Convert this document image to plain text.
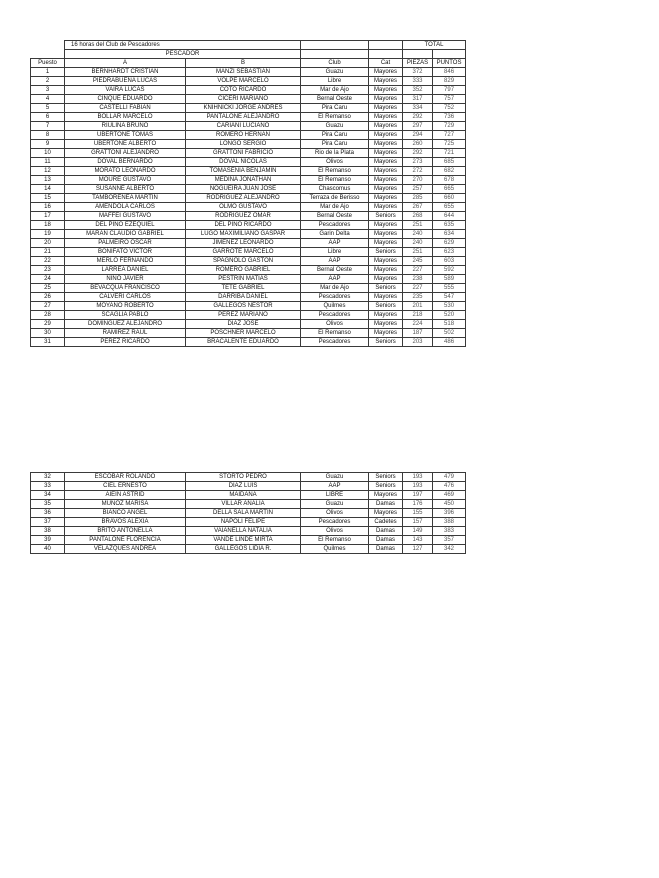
	16 horas del Club de Pescadores				TOTAL	
	PESCADOR					
Puesto	A	B	Club	Cat	PIEZAS	PUNTOS
1	BERNHARDT CRISTIAN	MANZI SEBASTIAN	Guazu	Mayores	372	846
2	PIEDRABUENA LUCAS	VOLPE MARCELO	Libre	Mayores	333	829
3	VAIRA LUCAS	COTO RICARDO	Mar de Ajo	Mayores	352	797
4	CINQUE EDUARDO	CICERI MARIANO	Bernal Oeste	Mayores	317	757
5	CASTELLI FABIAN	KNIHNICKI JORGE ANDRES	Pira Caru	Mayores	334	752
6	BOLLAR MARCELO	PANTALONE ALEJANDRO	El Remanso	Mayores	292	736
7	RIULINA BRUNO	CARIANI LUCIANO	Guazu	Mayores	297	729
8	UBERTONE TOMAS	ROMERO HERNAN	Pira Caru	Mayores	294	727
9	UBERTONE ALBERTO	LONGO SERGIO	Pira Caru	Mayores	260	725
10	GRATTONI ALEJANDRO	GRATTONI FABRICIO	Rio de la Plata	Mayores	292	721
11	DOVAL BERNARDO	DOVAL NICOLAS	Olivos	Mayores	273	685
12	MORATO LEONARDO	TOMASENIA BENJAMIN	El Remanso	Mayores	272	682
13	MOURE GUSTAVO	MEDINA JONATHAN	El Remanso	Mayores	270	678
14	SUSANNE ALBERTO	NOGUEIRA JUAN JOSE	Chascomus	Mayores	257	665
15	TAMBORENEA MARTIN	RODRIGUEZ ALEJANDRO	Terraza de Berisso	Mayores	285	660
16	AMENDOLA CARLOS	OLMO GUSTAVO	Mar de Ajo	Mayores	267	655
17	MAFFEI GUSTAVO	RODRIGUEZ OMAR	Bernal Oeste	Seniors	268	644
18	DEL PINO EZEQUIEL	DEL PINO RICARDO	Pescadores	Mayores	251	635
19	MARAN CLAUDIO GABRIEL	LUGO MAXIMILIANO GASPAR	Garin Delta	Mayores	240	634
20	PALMEIRO OSCAR	JIMENEZ LEONARDO	AAP	Mayores	240	629
21	BONIFATO VICTOR	GARROTE MARCELO	Libre	Seniors	251	623
22	MERLO FERNANDO	SPAGNOLO GASTON	AAP	Mayores	245	603
23	LARREA DANIEL	ROMERO GABRIEL	Bernal Oeste	Mayores	227	592
24	NIÑO JAVIER	PESTRIN MATIAS	AAP	Mayores	238	589
25	BEVACQUA FRANCISCO	TETE GABRIEL	Mar de Ajo	Seniors	227	555
26	CALVERI CARLOS	DARRIBA DANIEL	Pescadores	Mayores	235	547
27	MOYANO ROBERTO	GALLEGOS NESTOR	Quilmes	Seniors	201	530
28	SCAGLIA PABLO	PEREZ MARIANO	Pescadores	Mayores	218	520
29	DOMINGUEZ ALEJANDRO	DIAZ JOSE	Olivos	Mayores	224	518
30	RAMIREZ RAUL	POSCHNER MARCELO	El Remanso	Mayores	187	502
31	PEREZ RICARDO	BRACALENTE EDUARDO	Pescadores	Seniors	203	486
32	ESCOBAR ROLANDO	STORTO PEDRO	Guazu	Seniors	193	479
33	CIEL ERNESTO	DIAZ LUIS	AAP	Seniors	193	476
34	AIEIN ASTRID	MAIDANA	LIBRE	Mayores	197	469
35	MUÑOZ MARISA	VILLAR ANALIA	Guazu	Damas	176	450
36	BIANCO ANGEL	DELLA SALA MARTIN	Olivos	Mayores	155	396
37	BRAVOS ALEXIA	NAPOLI FELIPE	Pescadores	Cadetes	157	388
38	BRITO ANTONELLA	VAIANELLA NATALIA	Olivos	Damas	149	383
39	PANTALONE FLORENCIA	VANDE LINDE MIRTA	El Remanso	Damas	143	357
40	VELAZQUES ANDREA	GALLEGOS LIDIA R.	Quilmes	Damas	127	342
